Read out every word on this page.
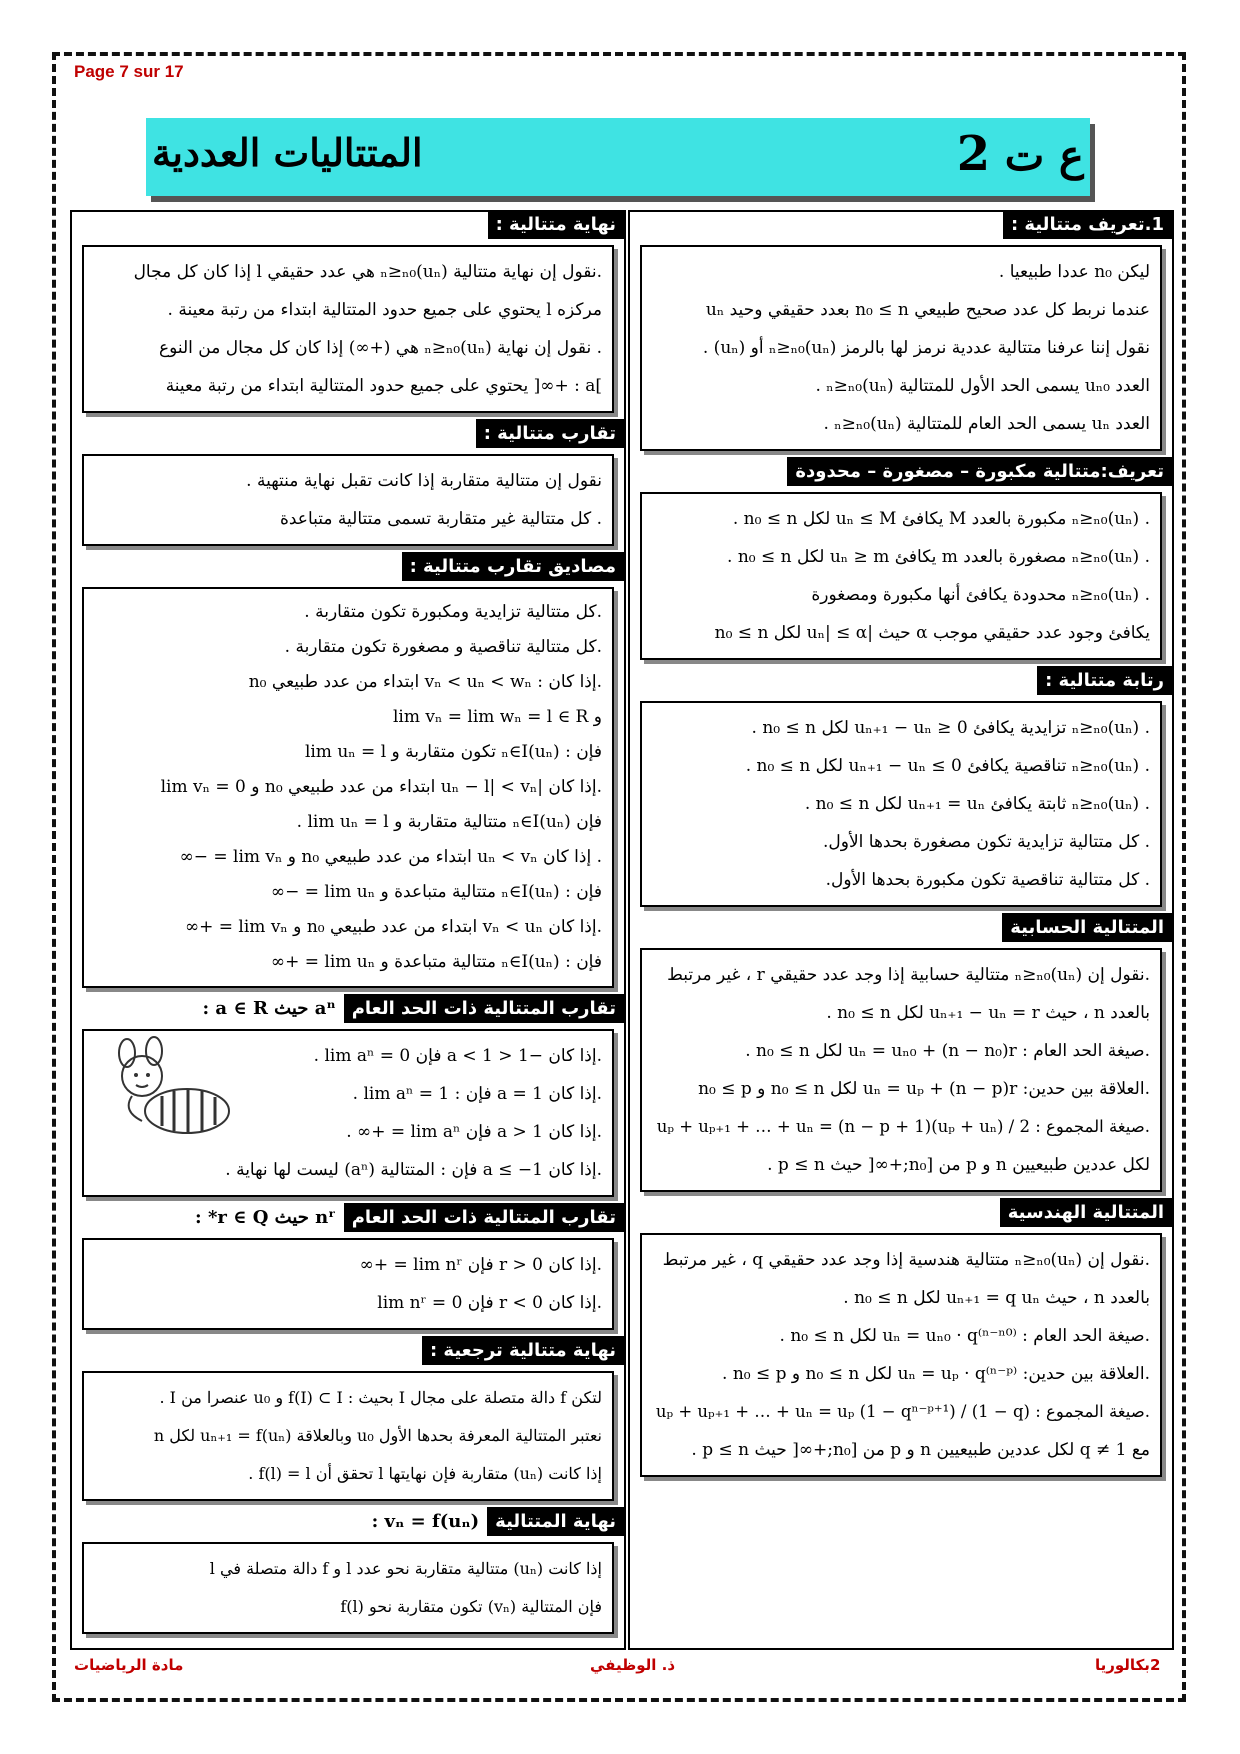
Page 7 sur 17
المتتاليات العددية	ع ت 2
1.تعريف متتالية :
ليكن n₀ عددا طبيعيا .
عندما نربط كل عدد صحيح طبيعي n₀ ≤ n بعدد حقيقي وحيد uₙ
نقول إننا عرفنا متتالية عددية نرمز لها بالرمز (uₙ)ₙ≥ₙ₀ أو (uₙ) .
العدد uₙ₀ يسمى الحد الأول للمتتالية (uₙ)ₙ≥ₙ₀ .
العدد uₙ يسمى الحد العام للمتتالية (uₙ)ₙ≥ₙ₀ .
تعريف:متتالية مكبورة – مصغورة – محدودة
. (uₙ)ₙ≥ₙ₀ مكبورة بالعدد M يكافئ uₙ ≤ M لكل n₀ ≤ n .
. (uₙ)ₙ≥ₙ₀ مصغورة بالعدد m يكافئ uₙ ≥ m لكل n₀ ≤ n .
. (uₙ)ₙ≥ₙ₀ محدودة يكافئ أنها مكبورة ومصغورة
يكافئ وجود عدد حقيقي موجب α حيث |uₙ| ≤ α لكل n₀ ≤ n
رتابة متتالية :
. (uₙ)ₙ≥ₙ₀ تزايدية يكافئ uₙ₊₁ − uₙ ≥ 0 لكل n₀ ≤ n .
. (uₙ)ₙ≥ₙ₀ تناقصية يكافئ uₙ₊₁ − uₙ ≤ 0 لكل n₀ ≤ n .
. (uₙ)ₙ≥ₙ₀ ثابتة يكافئ uₙ₊₁ = uₙ لكل n₀ ≤ n .
. كل متتالية تزايدية تكون مصغورة بحدها الأول.
. كل متتالية تناقصية تكون مكبورة بحدها الأول.
المتتالية الحسابية
.نقول إن (uₙ)ₙ≥ₙ₀ متتالية حسابية إذا وجد عدد حقيقي r ، غير مرتبط
بالعدد n ، حيث uₙ₊₁ − uₙ = r لكل n₀ ≤ n .
.صيغة الحد العام : uₙ = uₙ₀ + (n − n₀)r لكل n₀ ≤ n .
.العلاقة بين حدين: uₙ = uₚ + (n − p)r لكل n₀ ≤ n و n₀ ≤ p
.صيغة المجموع : uₚ + uₚ₊₁ + … + uₙ = (n − p + 1)(uₚ + uₙ) / 2
لكل عددين طبيعيين n و p من [n₀;+∞[ حيث p ≤ n .
المتتالية الهندسية
.نقول إن (uₙ)ₙ≥ₙ₀ متتالية هندسية إذا وجد عدد حقيقي q ، غير مرتبط
بالعدد n ، حيث uₙ₊₁ = q uₙ لكل n₀ ≤ n .
.صيغة الحد العام : uₙ = uₙ₀ · q⁽ⁿ⁻ⁿ⁰⁾ لكل n₀ ≤ n .
.العلاقة بين حدين: uₙ = uₚ · q⁽ⁿ⁻ᵖ⁾ لكل n₀ ≤ n و n₀ ≤ p .
.صيغة المجموع : uₚ + uₚ₊₁ + … + uₙ = uₚ (1 − qⁿ⁻ᵖ⁺¹) / (1 − q)
مع q ≠ 1 لكل عددين طبيعيين n و p من [n₀;+∞[ حيث p ≤ n .
نهاية متتالية :
.نقول إن نهاية متتالية (uₙ)ₙ≥ₙ₀ هي عدد حقيقي l إذا كان كل مجال
مركزه l يحتوي على جميع حدود المتتالية ابتداء من رتبة معينة .
. نقول إن نهاية (uₙ)ₙ≥ₙ₀ هي (+∞) إذا كان كل مجال من النوع
]a : +∞[ يحتوي على جميع حدود المتتالية ابتداء من رتبة معينة
تقارب متتالية :
نقول إن متتالية متقاربة إذا كانت تقبل نهاية منتهية .
. كل متتالية غير متقاربة تسمى متتالية متباعدة
مصاديق تقارب متتالية :
.كل متتالية تزايدية ومكبورة تكون متقاربة .
.كل متتالية تناقصية و مصغورة تكون متقاربة .
.إذا كان : vₙ < uₙ < wₙ ابتداء من عدد طبيعي n₀
و lim vₙ = lim wₙ = l ∈ R
فإن : (uₙ)ₙ∈I تكون متقاربة و lim uₙ = l
.إذا كان |uₙ − l| < vₙ ابتداء من عدد طبيعي n₀ و lim vₙ = 0
فإن (uₙ)ₙ∈I متتالية متقاربة و lim uₙ = l .
. إذا كان uₙ < vₙ ابتداء من عدد طبيعي n₀ و lim vₙ = −∞
فإن : (uₙ)ₙ∈I متتالية متباعدة و lim uₙ = −∞
.إذا كان vₙ < uₙ ابتداء من عدد طبيعي n₀ و lim vₙ = +∞
فإن : (uₙ)ₙ∈I متتالية متباعدة و lim uₙ = +∞
تقارب المتتالية ذات الحد العامaⁿ حيث a ∈ R :
.إذا كان −1 < a < 1 فإن lim aⁿ = 0 .
.إذا كان a = 1 فإن : lim aⁿ = 1 .
.إذا كان a > 1 فإن lim aⁿ = +∞ .
.إذا كان a ≤ −1 فإن : المتتالية (aⁿ) ليست لها نهاية .
تقارب المتتالية ذات الحد العامnʳ حيث r ∈ Q* :
.إذا كان r > 0 فإن lim nʳ = +∞
.إذا كان r < 0 فإن lim nʳ = 0
نهاية متتالية ترجعية :
لتكن f دالة متصلة على مجال I بحيث : f(I) ⊂ I و u₀ عنصرا من I .
نعتبر المتتالية المعرفة بحدها الأول u₀ وبالعلاقة uₙ₊₁ = f(uₙ) لكل n
إذا كانت (uₙ) متقاربة فإن نهايتها l تحقق أن f(l) = l .
نهاية المتتاليةvₙ = f(uₙ) :
إذا كانت (uₙ) متتالية متقاربة نحو عدد l و f دالة متصلة في l
فإن المتتالية (vₙ) تكون متقاربة نحو f(l)
2بكالوريا
ذ. الوظيفي
مادة الرياضيات
